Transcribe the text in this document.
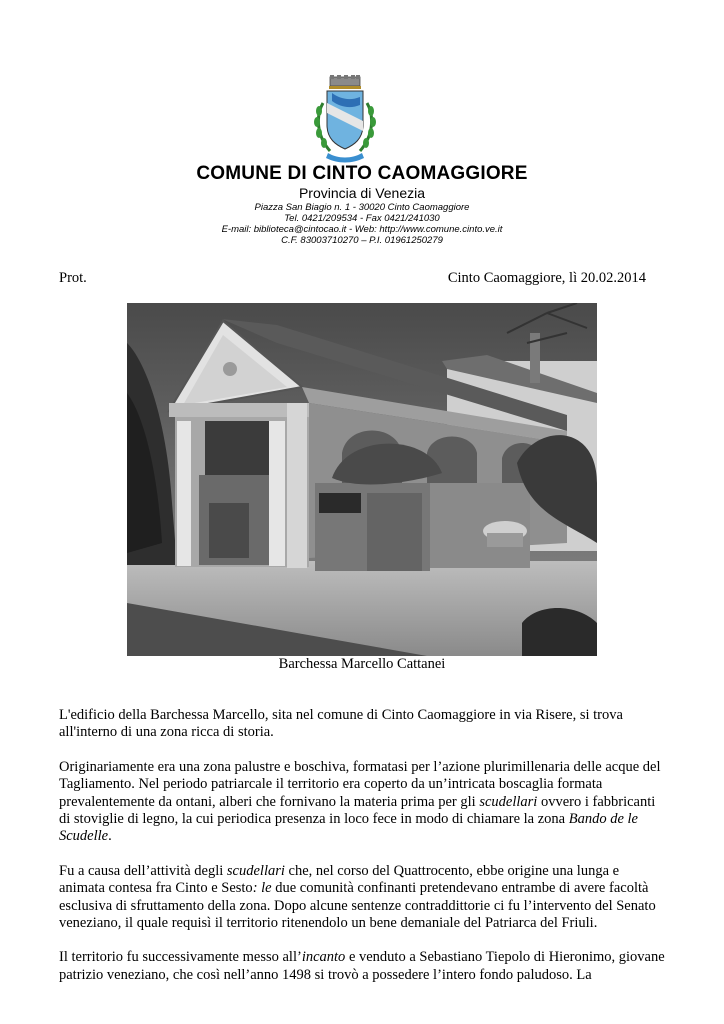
COMUNE DI CINTO CAOMAGGIORE
Provincia di Venezia
Piazza San Biagio n. 1 - 30020 Cinto Caomaggiore
Tel. 0421/209534 - Fax 0421/241030
E-mail: biblioteca@cintocao.it - Web: http://www.comune.cinto.ve.it
C.F. 83003710270 – P.I. 01961250279
Prot.	Cinto Caomaggiore, lì 20.02.2014
Barchessa Marcello Cattanei

L'edificio della Barchessa Marcello, sita nel comune di Cinto Caomaggiore in via Risere, si trova all'interno di una zona ricca di storia.

Originariamente era una zona palustre e boschiva, formatasi per l’azione plurimillenaria delle acque del Tagliamento. Nel periodo patriarcale il territorio era coperto da un’intricata boscaglia formata prevalentemente da ontani, alberi che fornivano la materia prima per gli scudellari ovvero i fabbricanti di stoviglie di legno, la cui periodica presenza in loco fece in modo di chiamare la zona Bando de le Scudelle.

Fu a causa dell’attività degli scudellari che, nel corso del Quattrocento, ebbe origine una lunga e animata contesa fra Cinto e Sesto: le due comunità confinanti pretendevano entrambe di avere facoltà esclusiva di sfruttamento della zona. Dopo alcune sentenze contraddittorie ci fu l’intervento del Senato veneziano, il quale requisì il territorio ritenendolo un bene demaniale del Patriarca del Friuli.

Il territorio fu successivamente messo all’incanto e venduto a Sebastiano Tiepolo di Hieronimo, giovane patrizio veneziano, che così nell’anno 1498 si trovò a possedere l’intero fondo paludoso. La
